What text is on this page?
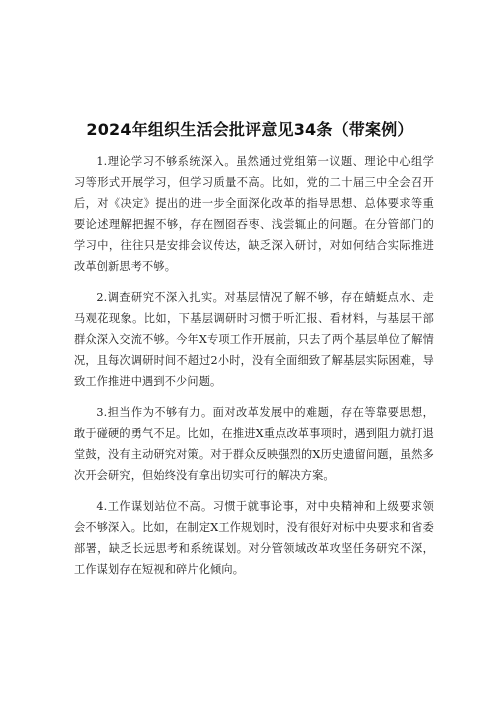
2024年组织生活会批评意见34条（带案例）

1.理论学习不够系统深入。虽然通过党组第一议题、理论中心组学习等形式开展学习，但学习质量不高。比如，党的二十届三中全会召开后，对《决定》提出的进一步全面深化改革的指导思想、总体要求等重要论述理解把握不够，存在囫囵吞枣、浅尝辄止的问题。在分管部门的学习中，往往只是安排会议传达，缺乏深入研讨，对如何结合实际推进改革创新思考不够。

2.调查研究不深入扎实。对基层情况了解不够，存在蜻蜓点水、走马观花现象。比如，下基层调研时习惯于听汇报、看材料，与基层干部群众深入交流不够。今年X专项工作开展前，只去了两个基层单位了解情况，且每次调研时间不超过2小时，没有全面细致了解基层实际困难，导致工作推进中遇到不少问题。

3.担当作为不够有力。面对改革发展中的难题，存在等靠要思想，敢于碰硬的勇气不足。比如，在推进X重点改革事项时，遇到阻力就打退堂鼓，没有主动研究对策。对于群众反映强烈的X历史遗留问题，虽然多次开会研究，但始终没有拿出切实可行的解决方案。

4.工作谋划站位不高。习惯于就事论事，对中央精神和上级要求领会不够深入。比如，在制定X工作规划时，没有很好对标中央要求和省委部署，缺乏长远思考和系统谋划。对分管领域改革攻坚任务研究不深，工作谋划存在短视和碎片化倾向。
